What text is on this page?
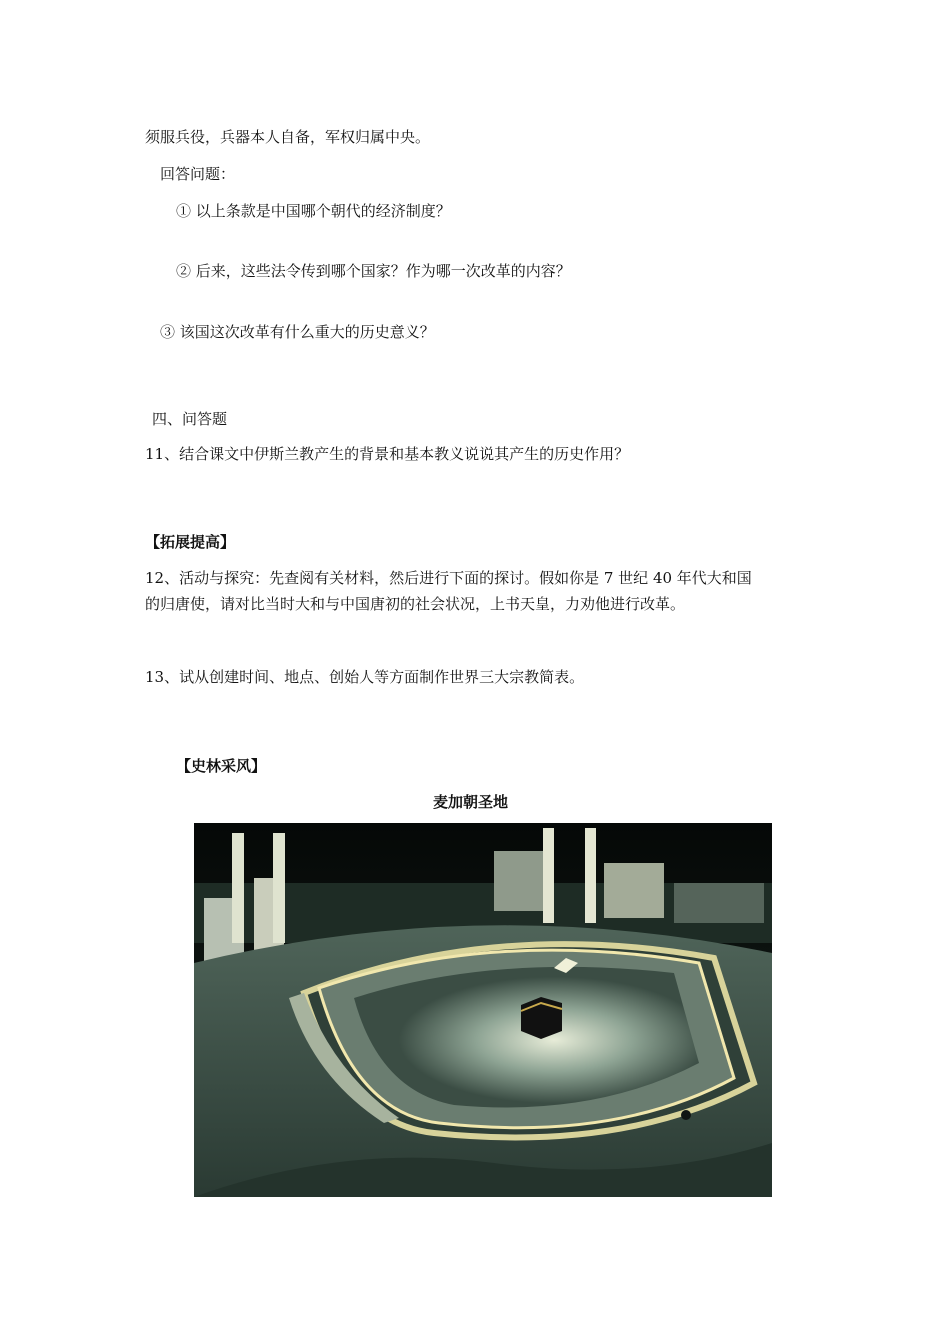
须服兵役，兵器本人自备，军权归属中央。
回答问题：
① 以上条款是中国哪个朝代的经济制度？
② 后来，这些法令传到哪个国家？作为哪一次改革的内容？
③ 该国这次改革有什么重大的历史意义？
四、问答题
11、结合课文中伊斯兰教产生的背景和基本教义说说其产生的历史作用？
【拓展提高】
12、活动与探究：先查阅有关材料，然后进行下面的探讨。假如你是 7 世纪 40 年代大和国
的归唐使，请对比当时大和与中国唐初的社会状况，上书天皇，力劝他进行改革。
13、试从创建时间、地点、创始人等方面制作世界三大宗教简表。
【史林采风】
麦加朝圣地
